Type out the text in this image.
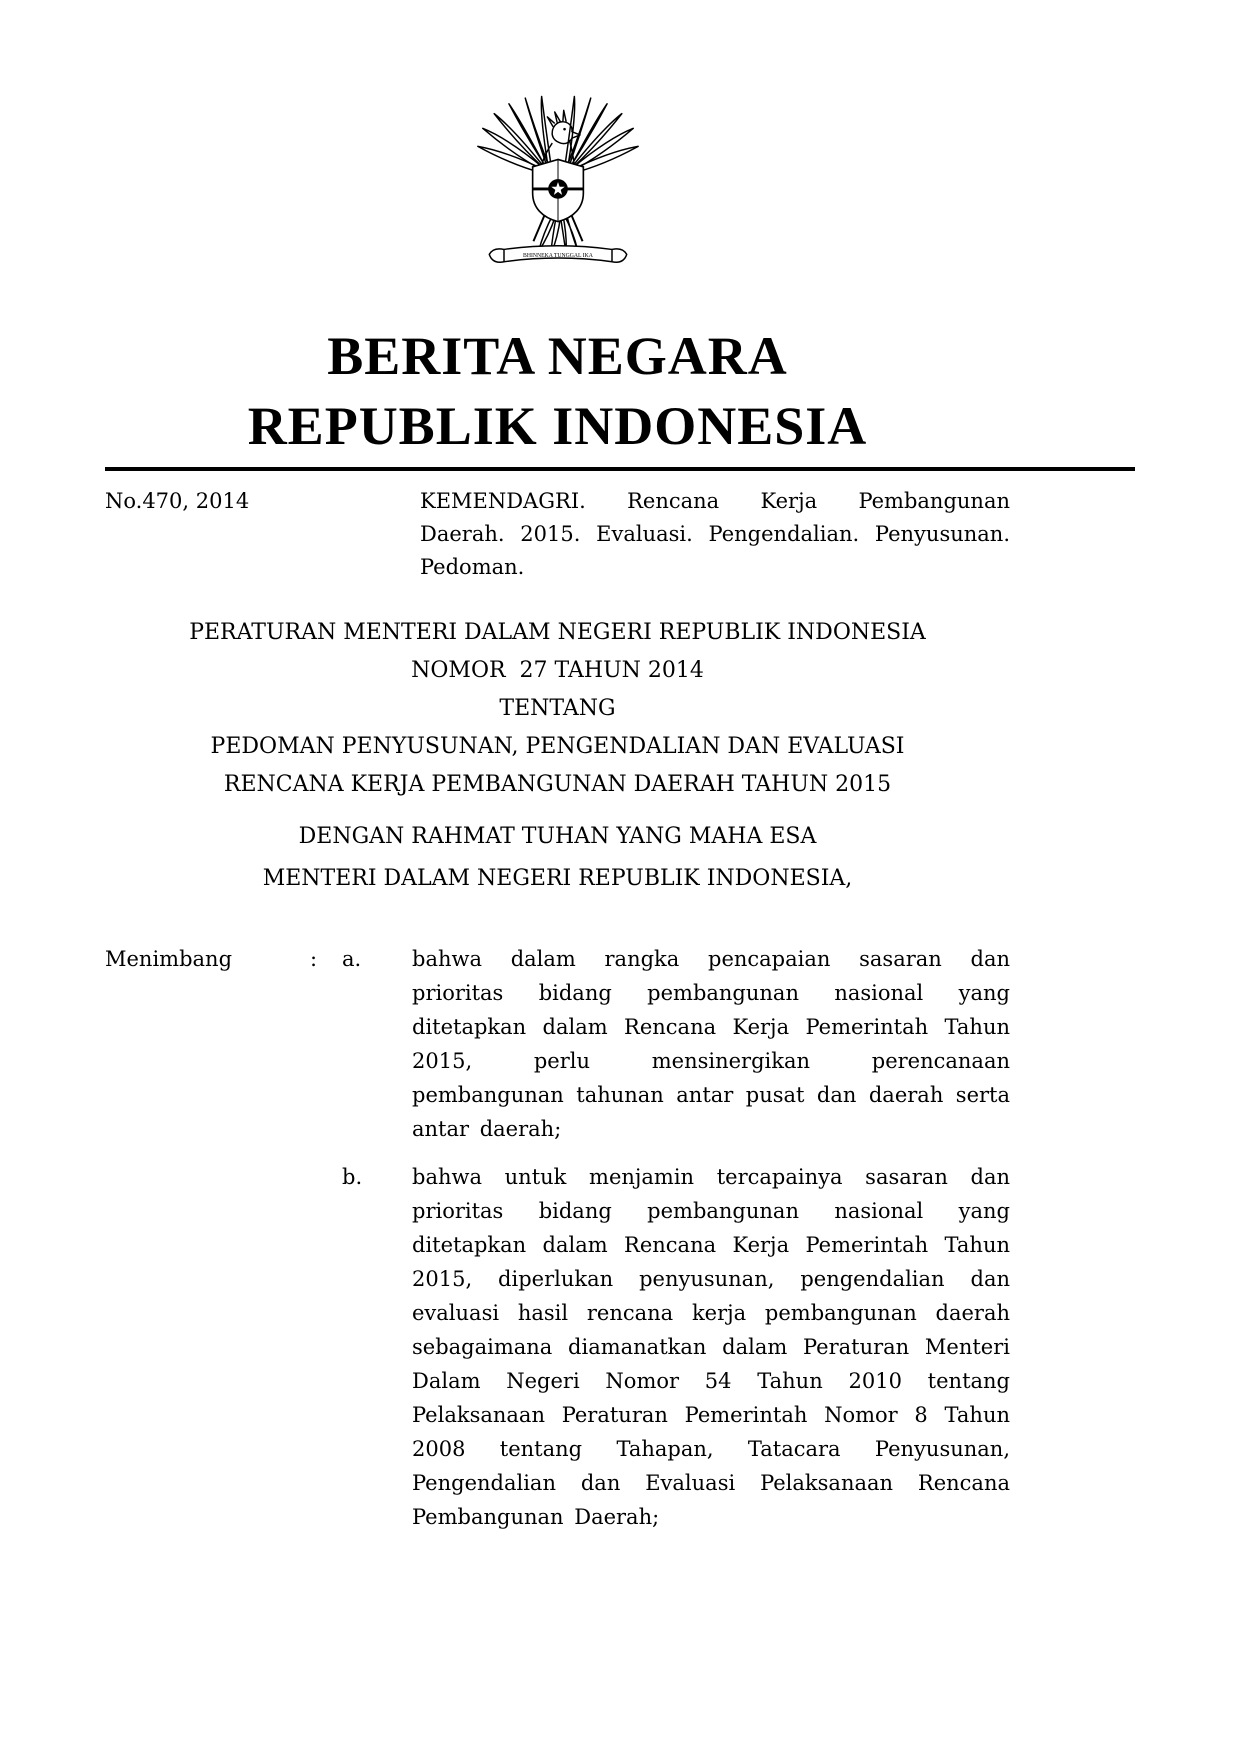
BHINNEKA TUNGGAL IKA
BERITA NEGARA
REPUBLIK INDONESIA
No.470, 2014	KEMENDAGRI. Rencana Kerja Pembangunan Daerah. 2015. Evaluasi. Pengendalian. Penyusunan. Pedoman.

PERATURAN MENTERI DALAM NEGERI REPUBLIK INDONESIA

NOMOR  27 TAHUN 2014

TENTANG

PEDOMAN PENYUSUNAN, PENGENDALIAN DAN EVALUASI

RENCANA KERJA PEMBANGUNAN DAERAH TAHUN 2015

DENGAN RAHMAT TUHAN YANG MAHA ESA

MENTERI DALAM NEGERI REPUBLIK INDONESIA,

Menimbang	:	a.	bahwa dalam rangka pencapaian sasaran dan prioritas bidang pembangunan nasional yang ditetapkan dalam Rencana Kerja Pemerintah Tahun 2015, perlu mensinergikan perencanaan pembangunan tahunan antar pusat dan daerah serta antar daerah;

b.	bahwa untuk menjamin tercapainya sasaran dan prioritas bidang pembangunan nasional yang ditetapkan dalam Rencana Kerja Pemerintah Tahun 2015, diperlukan penyusunan, pengendalian dan evaluasi hasil rencana kerja pembangunan daerah sebagaimana diamanatkan dalam Peraturan Menteri Dalam Negeri Nomor 54 Tahun 2010 tentang Pelaksanaan Peraturan Pemerintah Nomor 8 Tahun 2008 tentang Tahapan, Tatacara Penyusunan, Pengendalian dan Evaluasi Pelaksanaan Rencana Pembangunan Daerah;
